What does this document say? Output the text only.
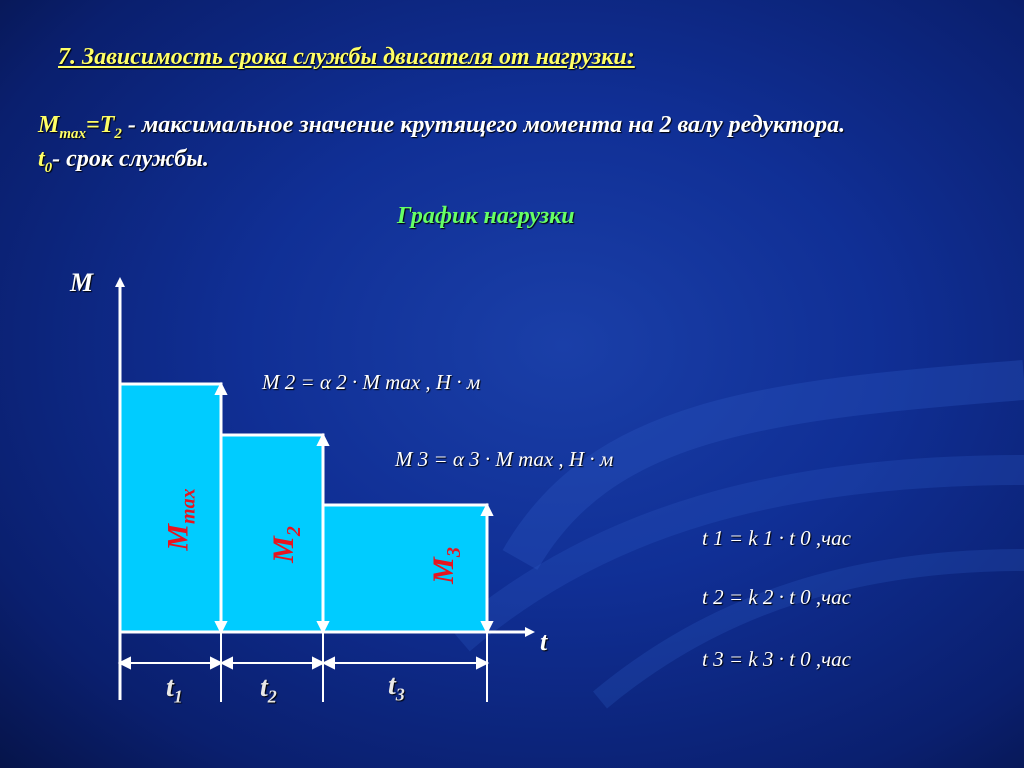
7. Зависимость срока службы двигателя от нагрузки:
$M_{max}=T_2$ - максимальное значение крутящего момента на 2 валу редуктора.
$t_0-$ срок службы.
График нагрузки
M
t
$M_{max}$
$M_2$
$M_3$
$t_1$	$t_2$	$t_3$
M 2 = α 2 · M max , Н · м
M 3 = α 3 · M max , Н · м
t 1 = k 1 · t 0 ,час
t 2 = k 2 · t 0 ,час
t 3 = k 3 · t 0 ,час
